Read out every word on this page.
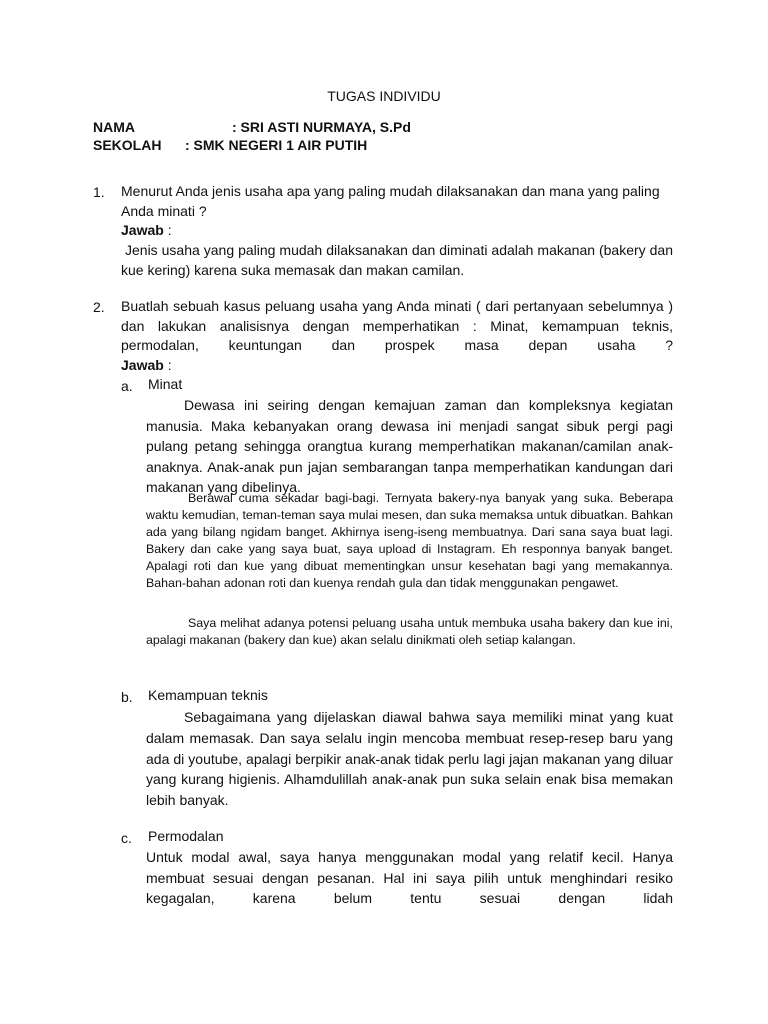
TUGAS INDIVIDU
NAMA	: SRI ASTI NURMAYA, S.Pd
SEKOLAH : SMK NEGERI 1 AIR PUTIH
1. Menurut Anda jenis usaha apa yang paling mudah dilaksanakan dan mana yang paling Anda minati ?
Jawab :
Jenis usaha yang paling mudah dilaksanakan dan diminati adalah makanan (bakery dan kue kering) karena suka memasak dan makan camilan.
2. Buatlah sebuah kasus peluang usaha yang Anda minati ( dari pertanyaan sebelumnya ) dan lakukan analisisnya dengan memperhatikan : Minat, kemampuan teknis, permodalan, keuntungan dan prospek masa depan usaha ?
Jawab :
a. Minat
Dewasa ini seiring dengan kemajuan zaman dan kompleksnya kegiatan manusia. Maka kebanyakan orang dewasa ini menjadi sangat sibuk pergi pagi pulang petang sehingga orangtua kurang memperhatikan makanan/camilan anak-anaknya. Anak-anak pun jajan sembarangan tanpa memperhatikan kandungan dari makanan yang dibelinya.
Berawal cuma sekadar bagi-bagi. Ternyata bakery-nya banyak yang suka. Beberapa waktu kemudian, teman-teman saya mulai mesen, dan suka memaksa untuk dibuatkan. Bahkan ada yang bilang ngidam banget. Akhirnya iseng-iseng membuatnya. Dari sana saya buat lagi. Bakery dan cake yang saya buat, saya upload di Instagram. Eh responnya banyak banget. Apalagi roti dan kue yang dibuat mementingkan unsur kesehatan bagi yang memakannya. Bahan-bahan adonan roti dan kuenya rendah gula dan tidak menggunakan pengawet.
Saya melihat adanya potensi peluang usaha untuk membuka usaha bakery dan kue ini, apalagi makanan (bakery dan kue) akan selalu dinikmati oleh setiap kalangan.
b. Kemampuan teknis
Sebagaimana yang dijelaskan diawal bahwa saya memiliki minat yang kuat dalam memasak. Dan saya selalu ingin mencoba membuat resep-resep baru yang ada di youtube, apalagi berpikir anak-anak tidak perlu lagi jajan makanan yang diluar yang kurang higienis. Alhamdulillah anak-anak pun suka selain enak bisa memakan lebih banyak.
c. Permodalan
Untuk modal awal, saya hanya menggunakan modal yang relatif kecil. Hanya membuat sesuai dengan pesanan. Hal ini saya pilih untuk menghindari resiko kegagalan, karena belum tentu sesuai dengan lidah
